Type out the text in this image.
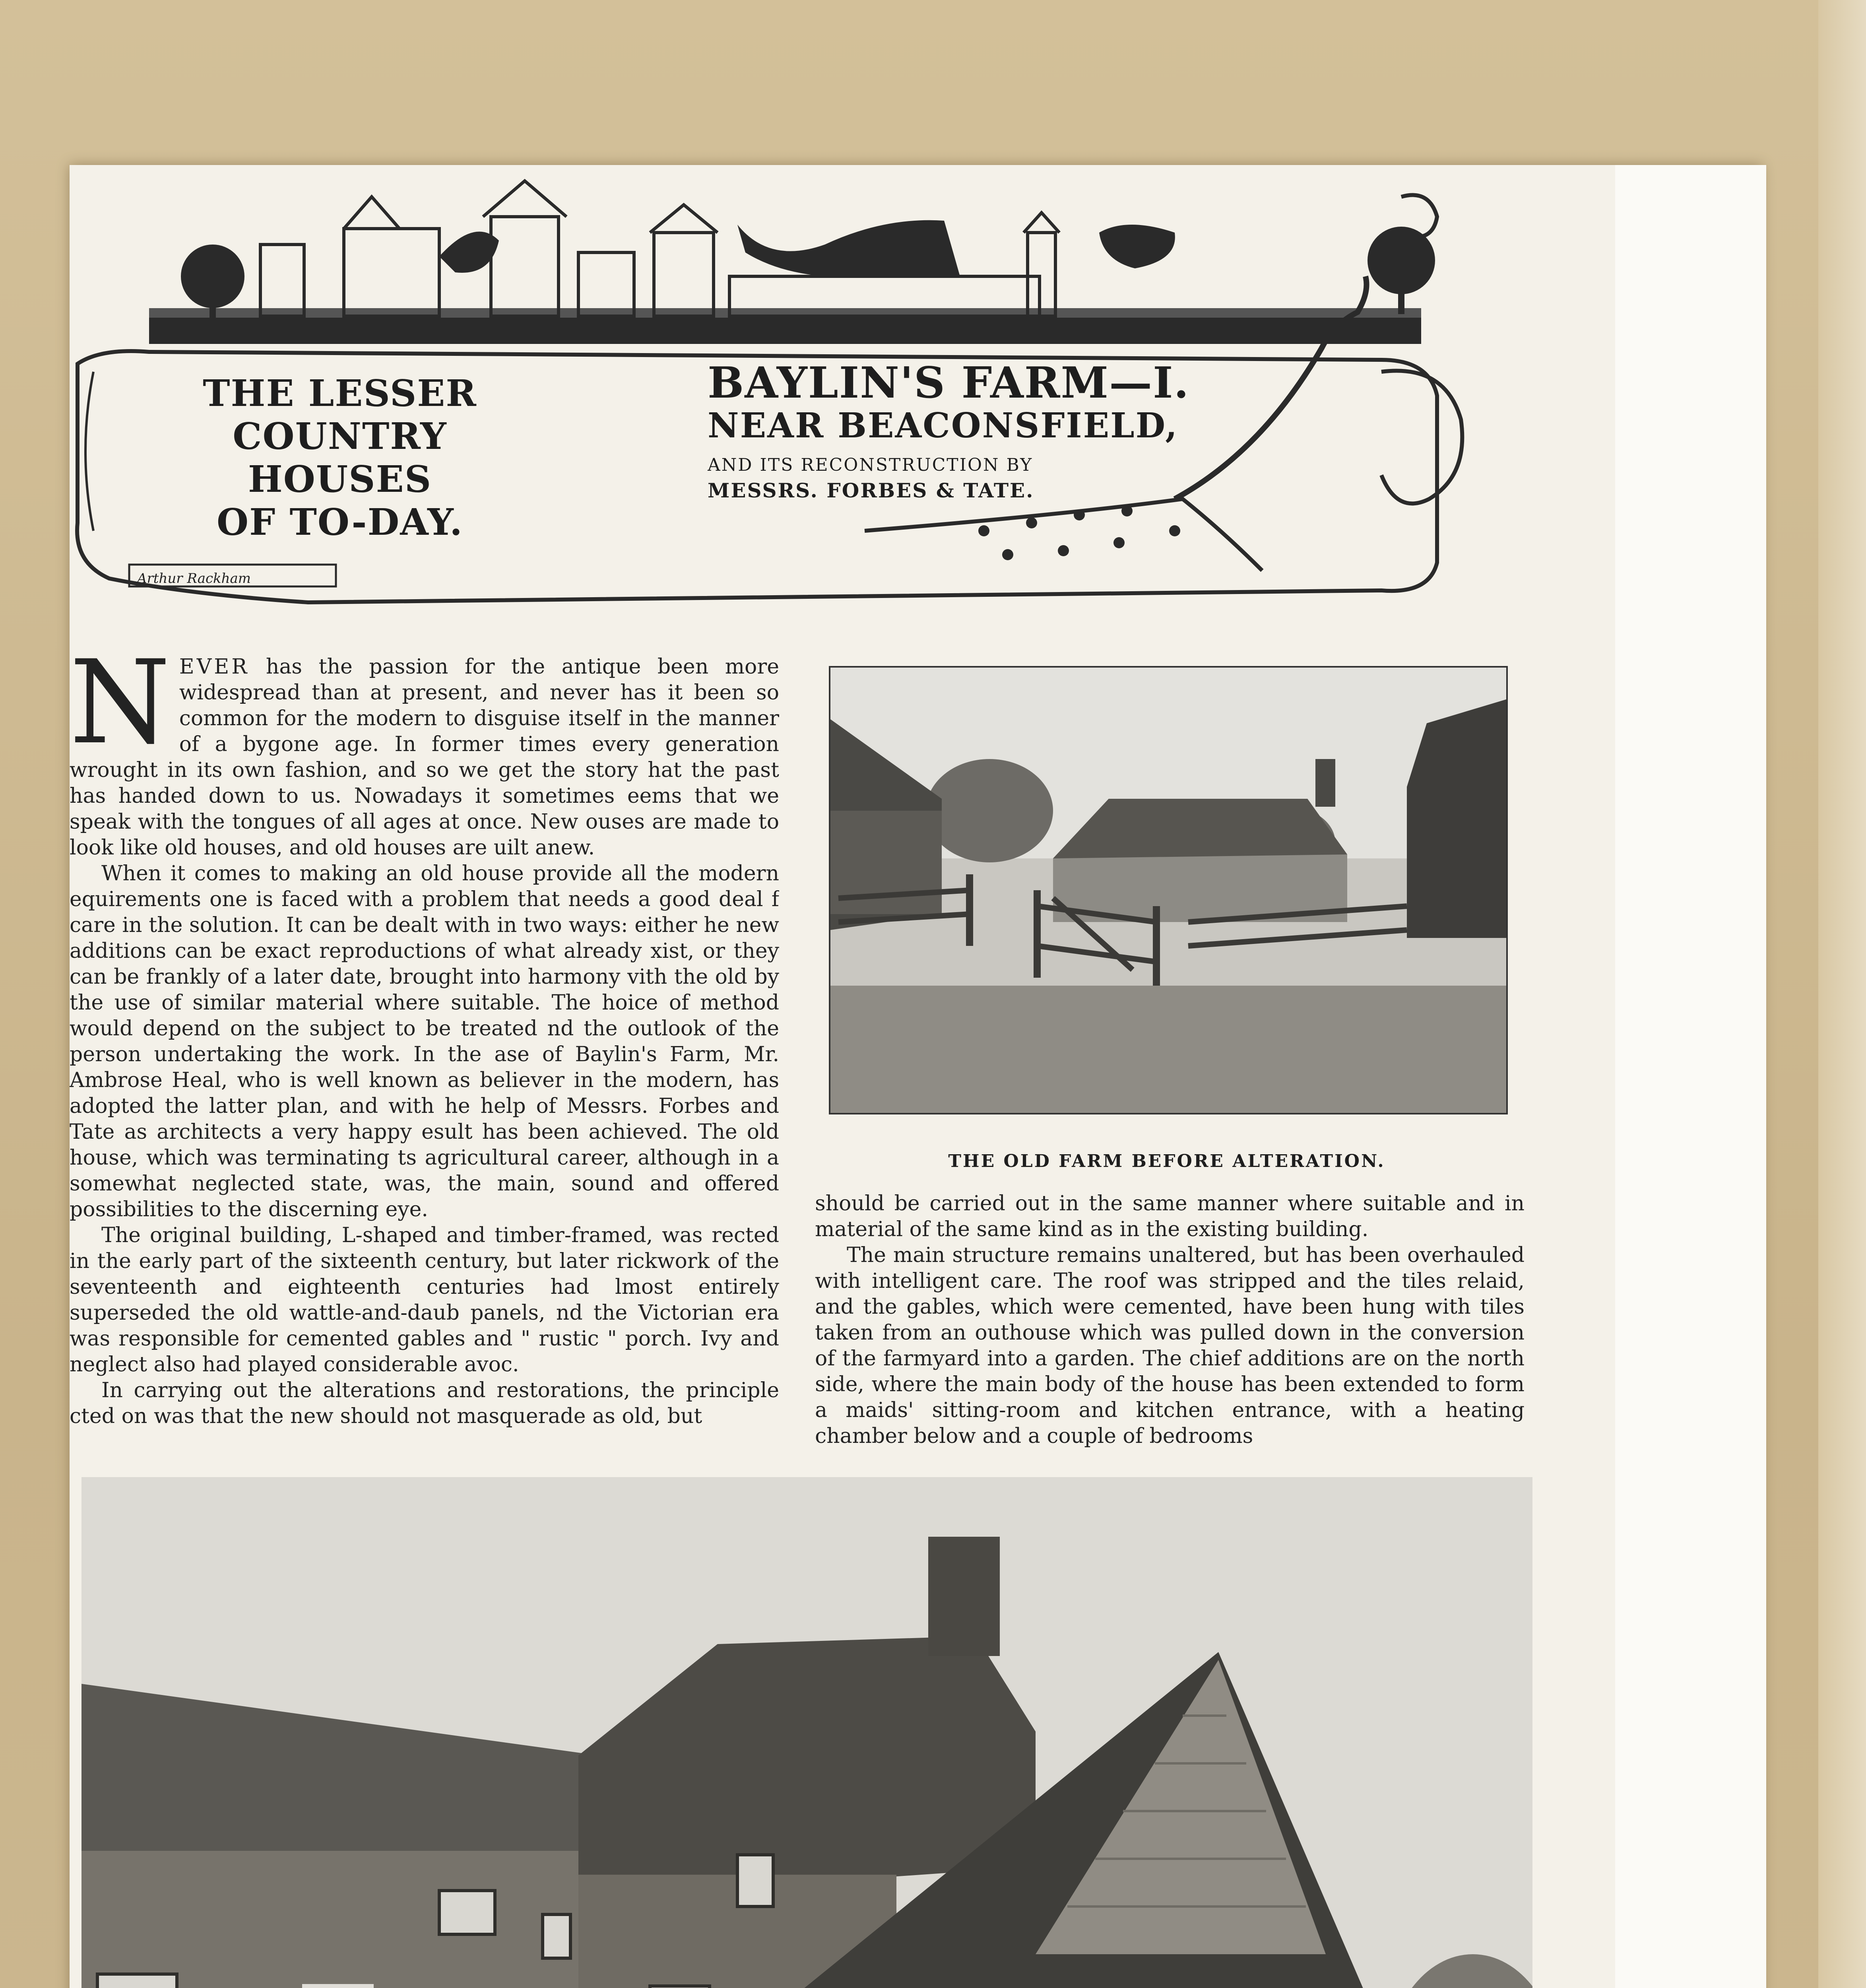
THE LESSER
COUNTRY HOUSES
OF TO-DAY.
BAYLIN'S FARM—I.
NEAR BEACONSFIELD,
AND ITS RECONSTRUCTION BY
MESSRS. FORBES & TATE.
Arthur Rackham

NEVER has the passion for the antique been more widespread than at present, and never has it been so common for the modern to disguise itself in the manner of a bygone age. In former times every generation wrought in its own fashion, and so we get the story hat the past has handed down to us. Nowadays it sometimes eems that we speak with the tongues of all ages at once. New ouses are made to look like old houses, and old houses are uilt anew.

When it comes to making an old house provide all the modern equirements one is faced with a problem that needs a good deal f care in the solution. It can be dealt with in two ways: either he new additions can be exact reproductions of what already xist, or they can be frankly of a later date, brought into harmony vith the old by the use of similar material where suitable. The hoice of method would depend on the subject to be treated nd the outlook of the person undertaking the work. In the ase of Baylin's Farm, Mr. Ambrose Heal, who is well known as believer in the modern, has adopted the latter plan, and with he help of Messrs. Forbes and Tate as architects a very happy esult has been achieved. The old house, which was terminating ts agricultural career, although in a somewhat neglected state, was, the main, sound and offered possibilities to the discerning eye.

The original building, L-shaped and timber-framed, was rected in the early part of the sixteenth century, but later rickwork of the seventeenth and eighteenth centuries had lmost entirely superseded the old wattle-and-daub panels, nd the Victorian era was responsible for cemented gables and " rustic " porch. Ivy and neglect also had played considerable avoc.

In carrying out the alterations and restorations, the principle cted on was that the new should not masquerade as old, but

THE OLD FARM BEFORE ALTERATION.

should be carried out in the same manner where suitable and in material of the same kind as in the existing building.

The main structure remains unaltered, but has been overhauled with intelligent care. The roof was stripped and the tiles relaid, and the gables, which were cemented, have been hung with tiles taken from an outhouse which was pulled down in the conversion of the farmyard into a garden. The chief additions are on the north side, where the main body of the house has been extended to form a maids' sitting-room and kitchen entrance, with a heating chamber below and a couple of bedrooms
